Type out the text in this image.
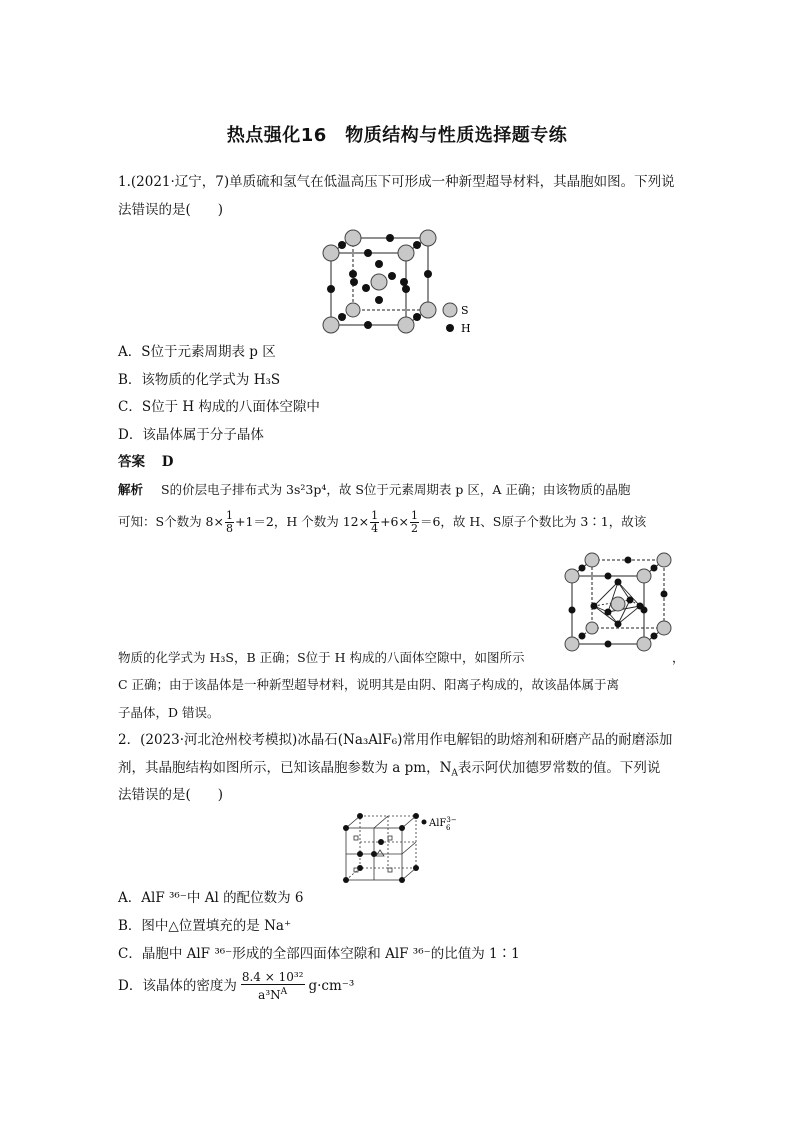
热点强化16　物质结构与性质选择题专练
1.(2021·辽宁，7)单质硫和氢气在低温高压下可形成一种新型超导材料，其晶胞如图。下列说
法错误的是(　　)
S
H
A．S位于元素周期表 p 区
B．该物质的化学式为 H₃S
C．S位于 H 构成的八面体空隙中
D．该晶体属于分子晶体
答案 D
解析 S的价层电子排布式为 3s²3p⁴，故 S位于元素周期表 p 区，A 正确；由该物质的晶胞
可知：S个数为 $8\times \frac{1}{8} +1=2$，H 个数为 $12\times \frac{1}{4} +6\times \frac{1}{2} =6$，故 H、S原子个数比为 3∶1，故该
物质的化学式为 H₃S，B 正确；S位于 H 构成的八面体空隙中，如图所示	，
C 正确；由于该晶体是一种新型超导材料，说明其是由阴、阳离子构成的，故该晶体属于离
子晶体，D 错误。
2．(2023·河北沧州校考模拟)冰晶石(Na₃AlF₆)常用作电解铝的助熔剂和研磨产品的耐磨添加
剂，其晶胞结构如图所示，已知该晶胞参数为 a pm，$N_A$表示阿伏加德罗常数的值。下列说
法错误的是(　　)
AlF$^{3-}$
6
A．AlF ³⁶⁻中 Al 的配位数为 6
B．图中△位置填充的是 Na⁺
C．晶胞中 AlF ³⁶⁻形成的全部四面体空隙和 AlF ³⁶⁻的比值为 1∶1
D．该晶体的密度为 $\frac{\text{8.4 × 10³²}}{a^3N^A} g\cdot cm^{-3}$
